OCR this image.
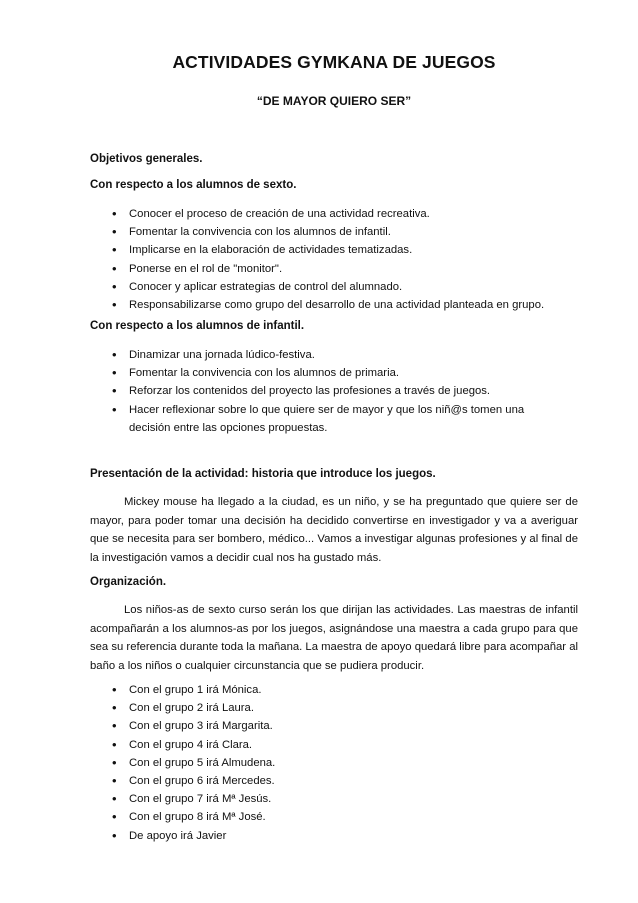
ACTIVIDADES GYMKANA DE JUEGOS
“DE MAYOR QUIERO SER”
Objetivos generales.
Con respecto a los alumnos de sexto.
• Conocer el proceso de creación de una actividad recreativa.
• Fomentar la convivencia con los alumnos de infantil.
• Implicarse en la elaboración de actividades tematizadas.
• Ponerse en el rol de "monitor".
• Conocer y aplicar estrategias de control del alumnado.
• Responsabilizarse como grupo del desarrollo de una actividad planteada en grupo.
Con respecto a los alumnos de infantil.
• Dinamizar una jornada lúdico-festiva.
• Fomentar la convivencia con los alumnos de primaria.
• Reforzar los contenidos del proyecto las profesiones a través de juegos.
• Hacer reflexionar sobre lo que quiere ser de mayor y que los niñ@s tomen una decisión entre las opciones propuestas.
Presentación de la actividad: historia que introduce los juegos.

Mickey mouse ha llegado a la ciudad, es un niño, y se ha preguntado que quiere ser de mayor, para poder tomar una decisión ha decidido convertirse en investigador y va a averiguar que se necesita para ser bombero, médico... Vamos a investigar algunas profesiones y al final de la investigación vamos a decidir cual nos ha gustado más.

Organización.

Los niños-as de sexto curso serán los que dirijan las actividades. Las maestras de infantil acompañarán a los alumnos-as por los juegos, asignándose una maestra a cada grupo para que sea su referencia durante toda la mañana. La maestra de apoyo quedará libre para acompañar al baño a los niños o cualquier circunstancia que se pudiera producir.

• Con el grupo 1 irá Mónica.
• Con el grupo 2 irá Laura.
• Con el grupo 3 irá Margarita.
• Con el grupo 4 irá Clara.
• Con el grupo 5 irá Almudena.
• Con el grupo 6 irá Mercedes.
• Con el grupo 7 irá Mª Jesús.
• Con el grupo 8 irá Mª José.
• De apoyo irá Javier
